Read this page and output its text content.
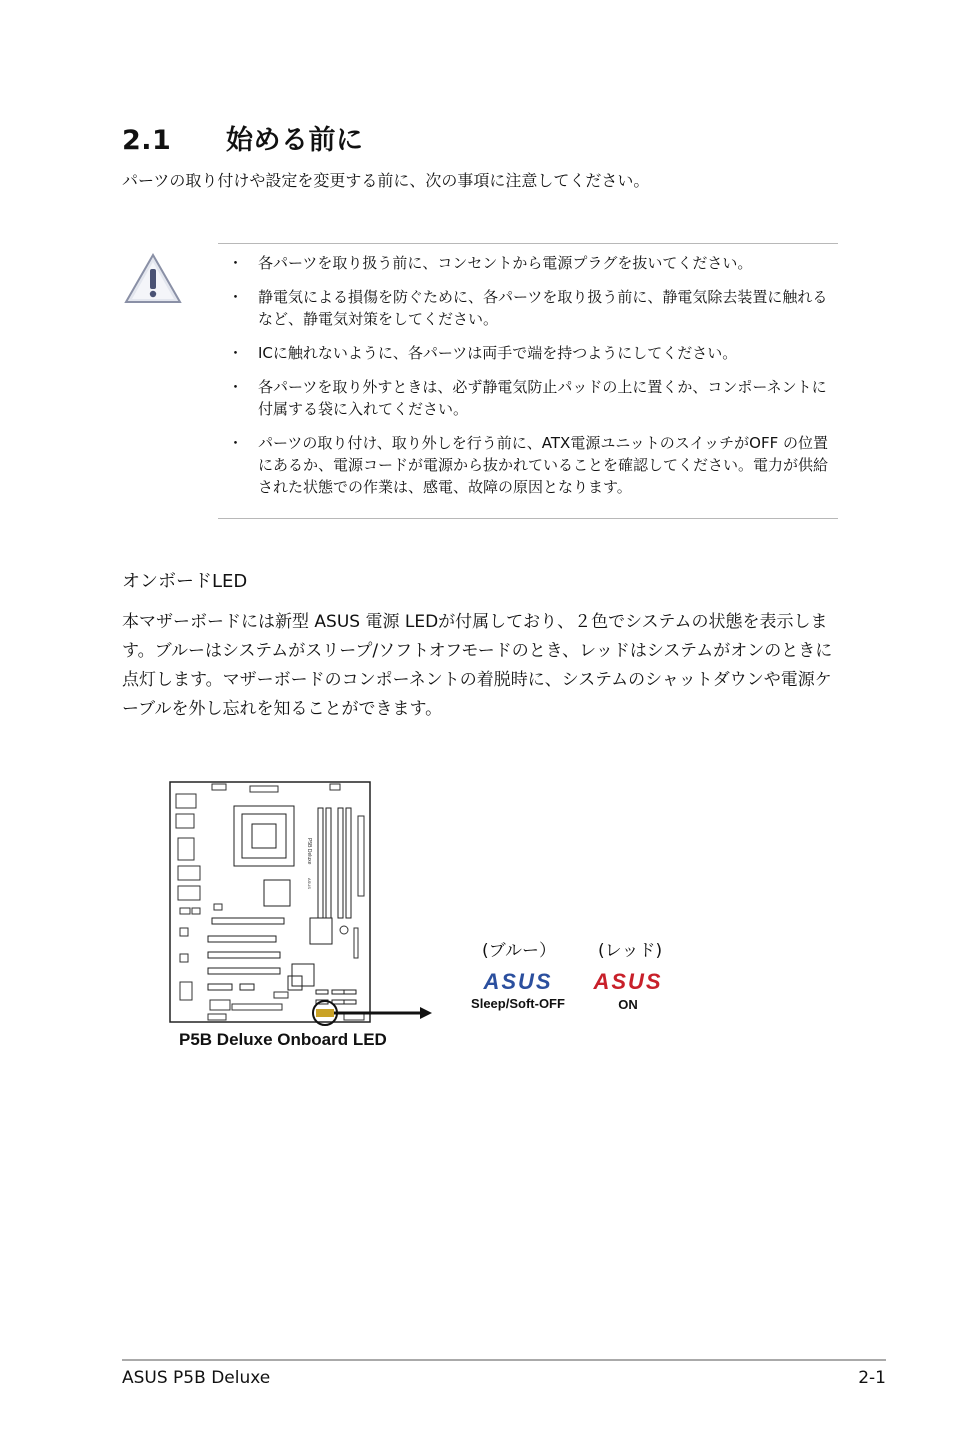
2.1 始める前に
パーツの取り付けや設定を変更する前に、次の事項に注意してください。
・ 各パーツを取り扱う前に、コンセントから電源プラグを抜いてください。
・ 静電気による損傷を防ぐために、各パーツを取り扱う前に、静電気除去装置に触れるなど、静電気対策をしてください。
・ ICに触れないように、各パーツは両手で端を持つようにしてください。
・ 各パーツを取り外すときは、必ず静電気防止パッドの上に置くか、コンポーネントに付属する袋に入れてください。
・ パーツの取り付け、取り外しを行う前に、ATX電源ユニットのスイッチがOFF の位置にあるか、電源コードが電源から抜かれていることを確認してください。電力が供給された状態での作業は、感電、故障の原因となります。
オンボードLED
本マザーボードには新型 ASUS 電源 LEDが付属しており、２色でシステムの状態を表示します。ブルーはシステムがスリープ/ソフトオフモードのとき、レッドはシステムがオンのときに点灯します。マザーボードのコンポーネントの着脱時に、システムのシャットダウンや電源ケーブルを外し忘れを知ることができます。
P5B Deluxe
ASUS
P5B Deluxe Onboard LED
(ブルー） (レッド)
ASUS ASUS
Sleep/Soft-OFF	ON
ASUS P5B Deluxe	2-1
